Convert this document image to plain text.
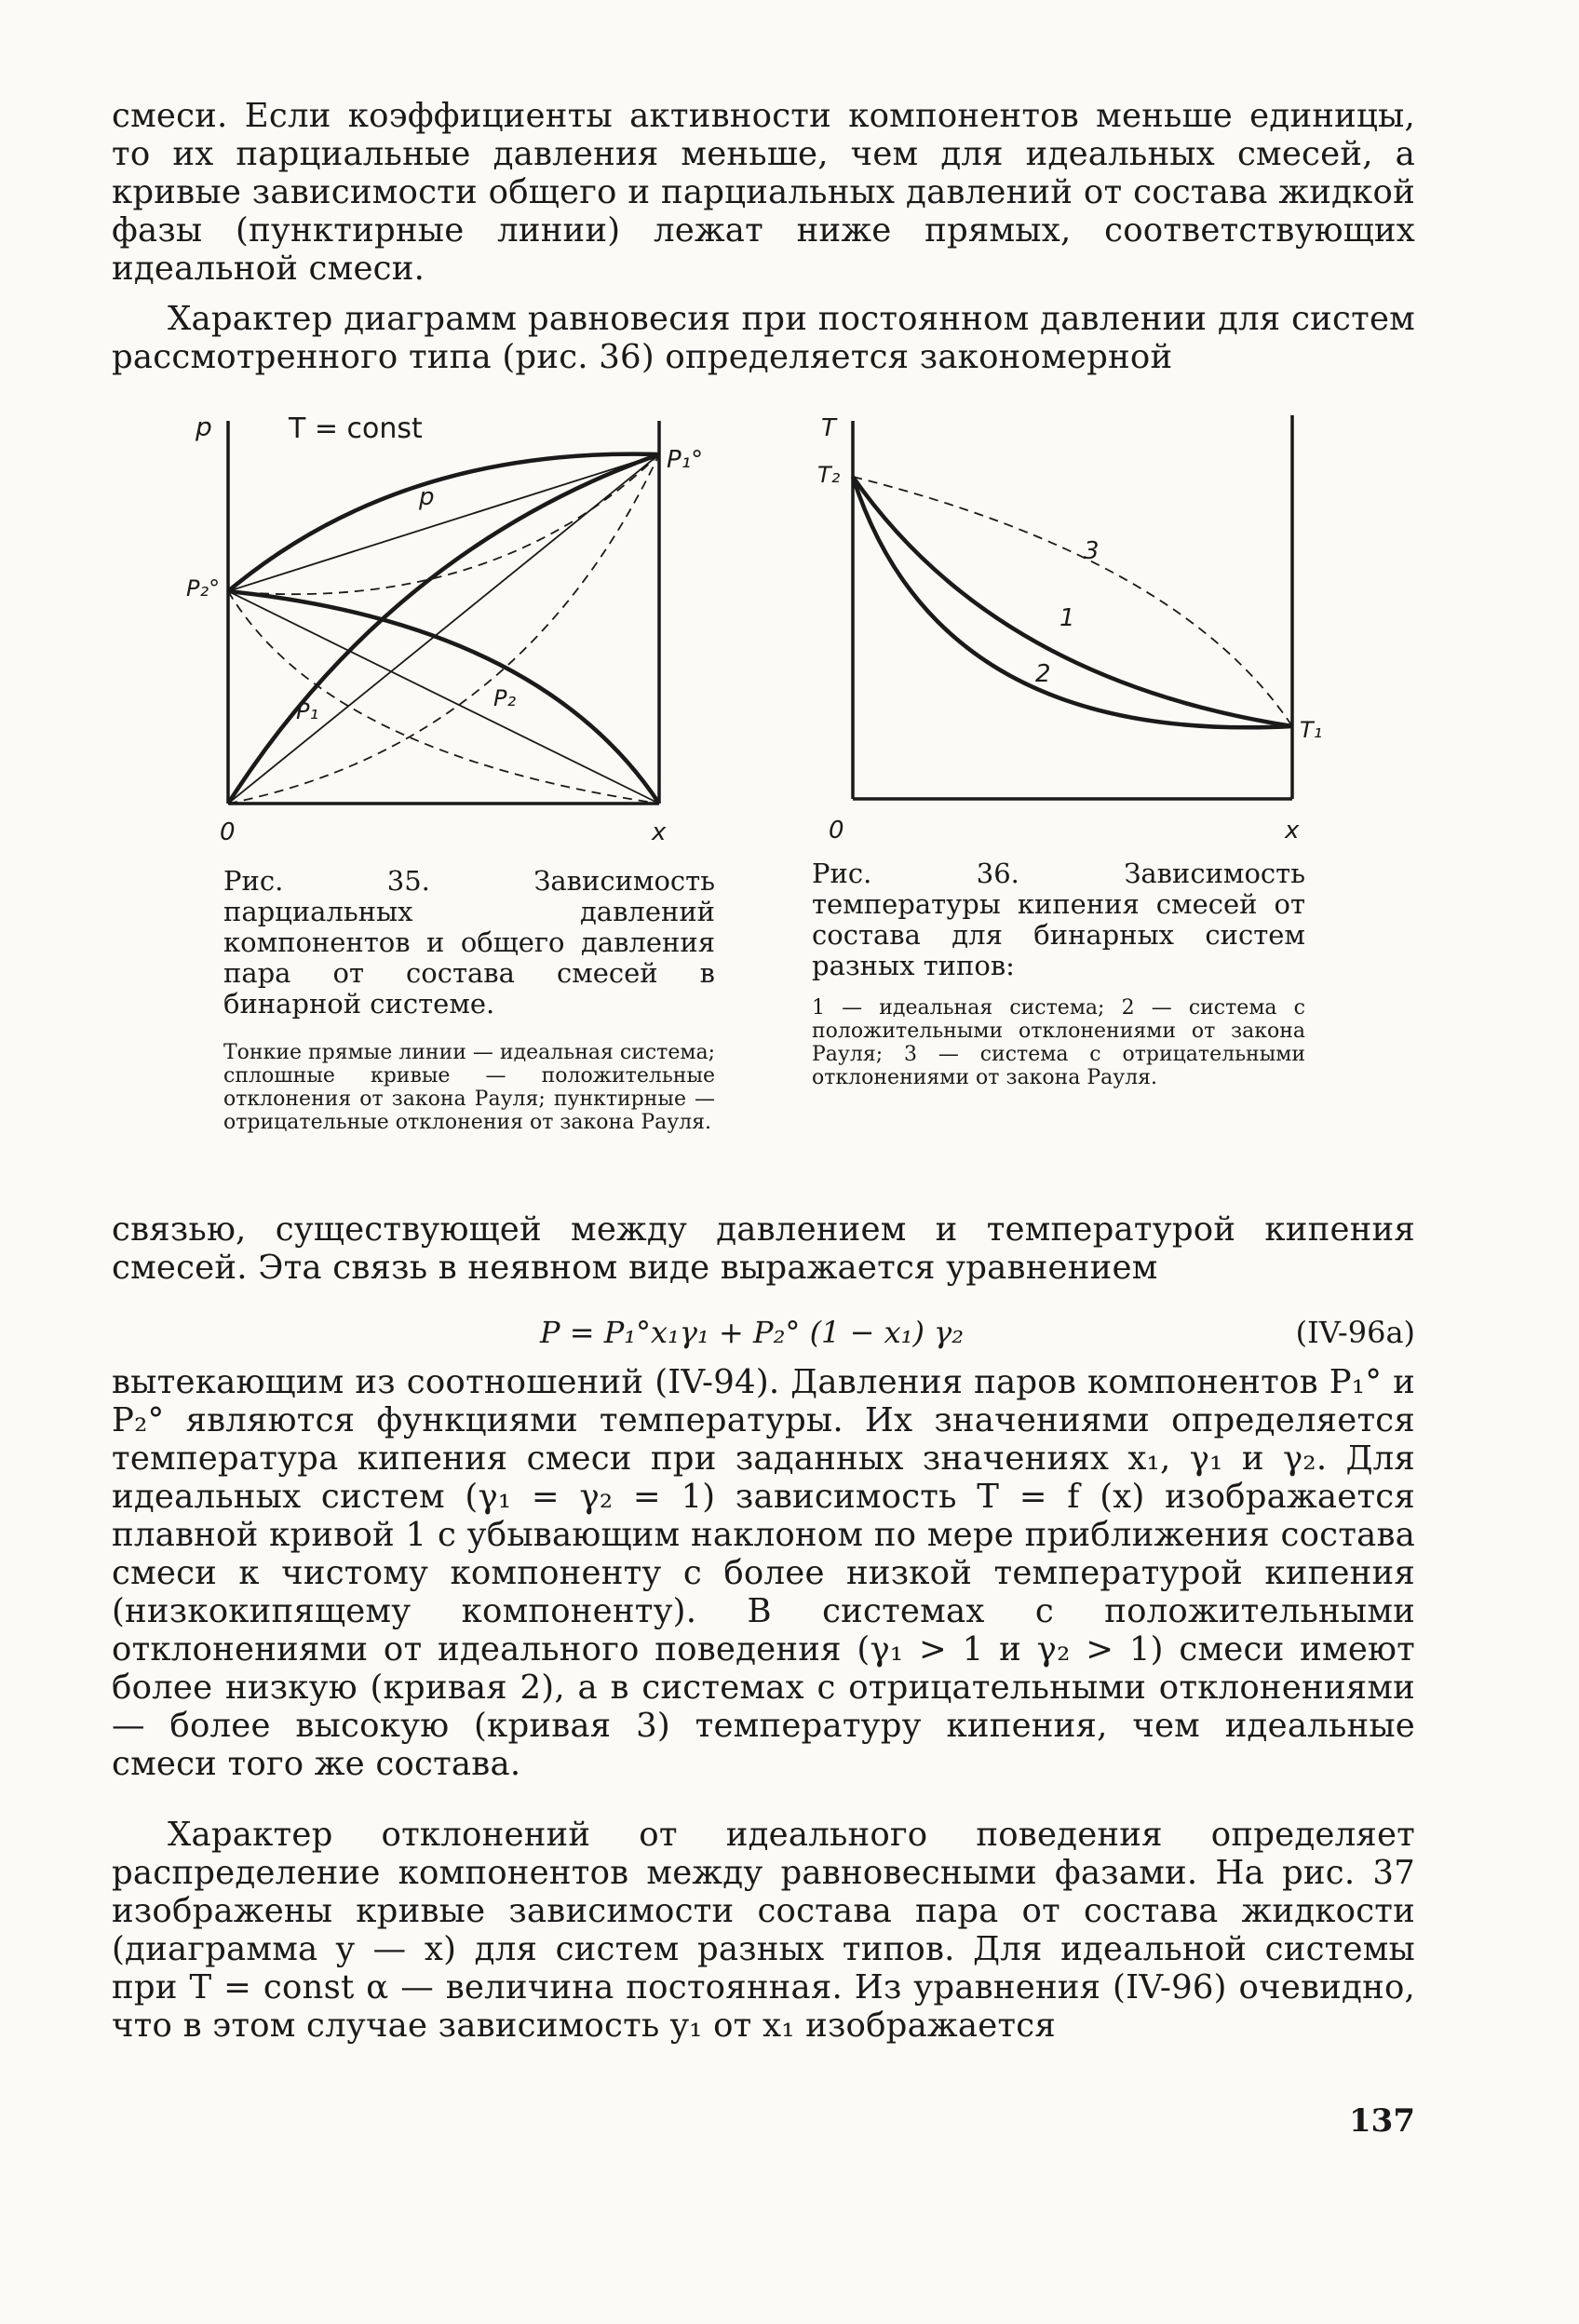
смеси. Если коэффициенты активности компонентов меньше единицы, то их парциальные давления меньше, чем для идеальных смесей, а кривые зависимости общего и парциальных давлений от состава жидкой фазы (пунктирные линии) лежат ниже прямых, соответствующих идеальной смеси.

Характер диаграмм равновесия при постоянном давлении для систем рассмотренного типа (рис. 36) определяется закономерной

p	T = const
P₁°
P₂°
p
P₁	P₂
0	x
T
T₂
T₁
3
1
2
0	x

Рис. 35. Зависимость парциальных давлений компонентов и общего давления пара от состава смесей в бинарной системе.

Тонкие прямые линии — идеальная система; сплошные кривые — положительные отклонения от закона Рауля; пунктирные — отрицательные отклонения от закона Рауля.

Рис. 36. Зависимость температуры кипения смесей от состава для бинарных систем разных типов:

1 — идеальная система; 2 — система с положительными отклонениями от закона Рауля; 3 — система с отрицательными отклонениями от закона Рауля.

связью, существующей между давлением и температурой кипения смесей. Эта связь в неявном виде выражается уравнением

P = P₁°x₁γ₁ + P₂° (1 − x₁) γ₂	(IV-96a)

вытекающим из соотношений (IV-94). Давления паров компонентов P₁° и P₂° являются функциями температуры. Их значениями определяется температура кипения смеси при заданных значениях x₁, γ₁ и γ₂. Для идеальных систем (γ₁ = γ₂ = 1) зависимость T = f (x) изображается плавной кривой 1 с убывающим наклоном по мере приближения состава смеси к чистому компоненту с более низкой температурой кипения (низкокипящему компоненту). В системах с положительными отклонениями от идеального поведения (γ₁ > 1 и γ₂ > 1) смеси имеют более низкую (кривая 2), а в системах с отрицательными отклонениями — более высокую (кривая 3) температуру кипения, чем идеальные смеси того же состава.

Характер отклонений от идеального поведения определяет распределение компонентов между равновесными фазами. На рис. 37 изображены кривые зависимости состава пара от состава жидкости (диаграмма y — x) для систем разных типов. Для идеальной системы при T = const α — величина постоянная. Из уравнения (IV-96) очевидно, что в этом случае зависимость y₁ от x₁ изображается

137
